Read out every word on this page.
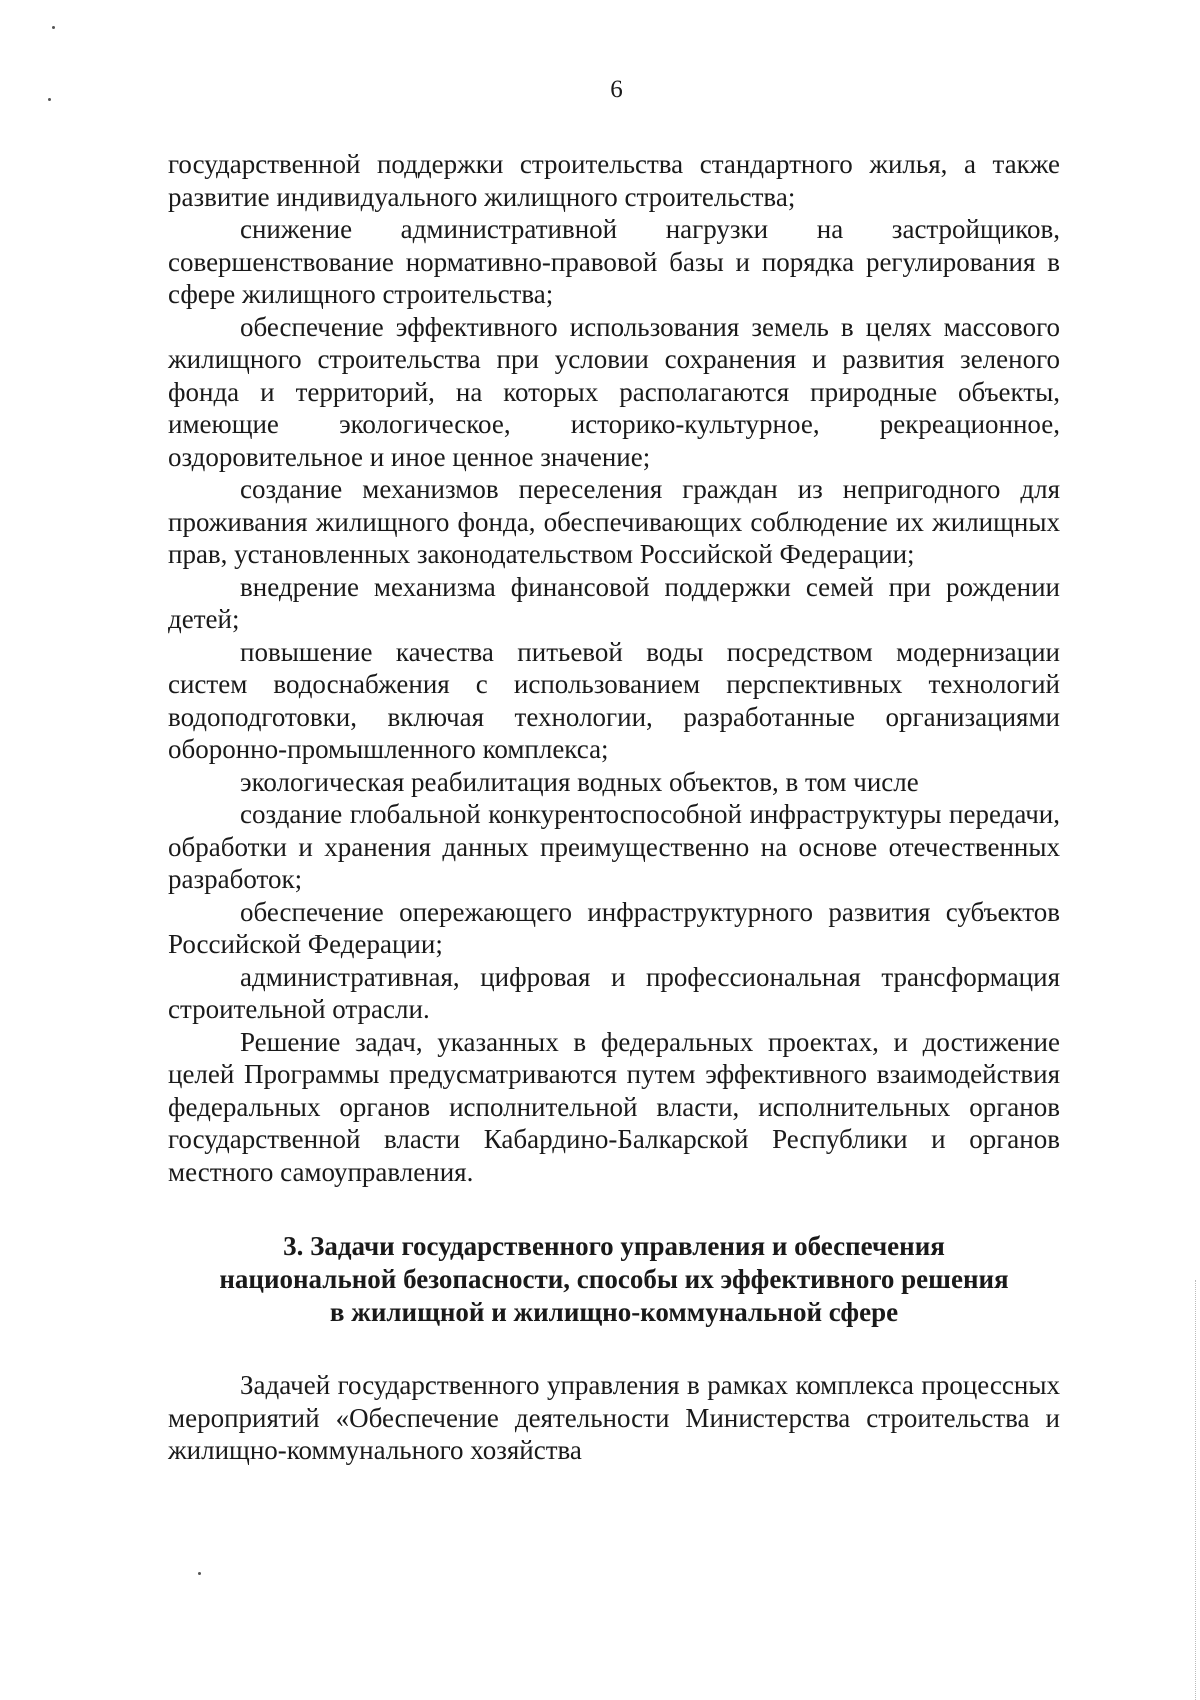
6

государственной поддержки строительства стандартного жилья, а также развитие индивидуального жилищного строительства;

снижение административной нагрузки на застройщиков, совершенствование нормативно-правовой базы и порядка регулирования в сфере жилищного строительства;

обеспечение эффективного использования земель в целях массового жилищного строительства при условии сохранения и развития зеленого фонда и территорий, на которых располагаются природные объекты, имеющие экологическое, историко-культурное, рекреационное, оздоровительное и иное ценное значение;

создание механизмов переселения граждан из непригодного для проживания жилищного фонда, обеспечивающих соблюдение их жилищных прав, установленных законодательством Российской Федерации;

внедрение механизма финансовой поддержки семей при рождении детей;

повышение качества питьевой воды посредством модернизации систем водоснабжения с использованием перспективных технологий водоподготовки, включая технологии, разработанные организациями оборонно-промышленного комплекса;

экологическая реабилитация водных объектов, в том числе

создание глобальной конкурентоспособной инфраструктуры передачи, обработки и хранения данных преимущественно на основе отечественных разработок;

обеспечение опережающего инфраструктурного развития субъектов Российской Федерации;

административная, цифровая и профессиональная трансформация строительной отрасли.

Решение задач, указанных в федеральных проектах, и достижение целей Программы предусматриваются путем эффективного взаимодействия федеральных органов исполнительной власти, исполнительных органов государственной власти Кабардино-Балкарской Республики и органов местного самоуправления.

3. Задачи государственного управления и обеспечения
национальной безопасности, способы их эффективного решения
в жилищной и жилищно-коммунальной сфере

Задачей государственного управления в рамках комплекса процессных мероприятий «Обеспечение деятельности Министерства строительства и жилищно-коммунального хозяйства
